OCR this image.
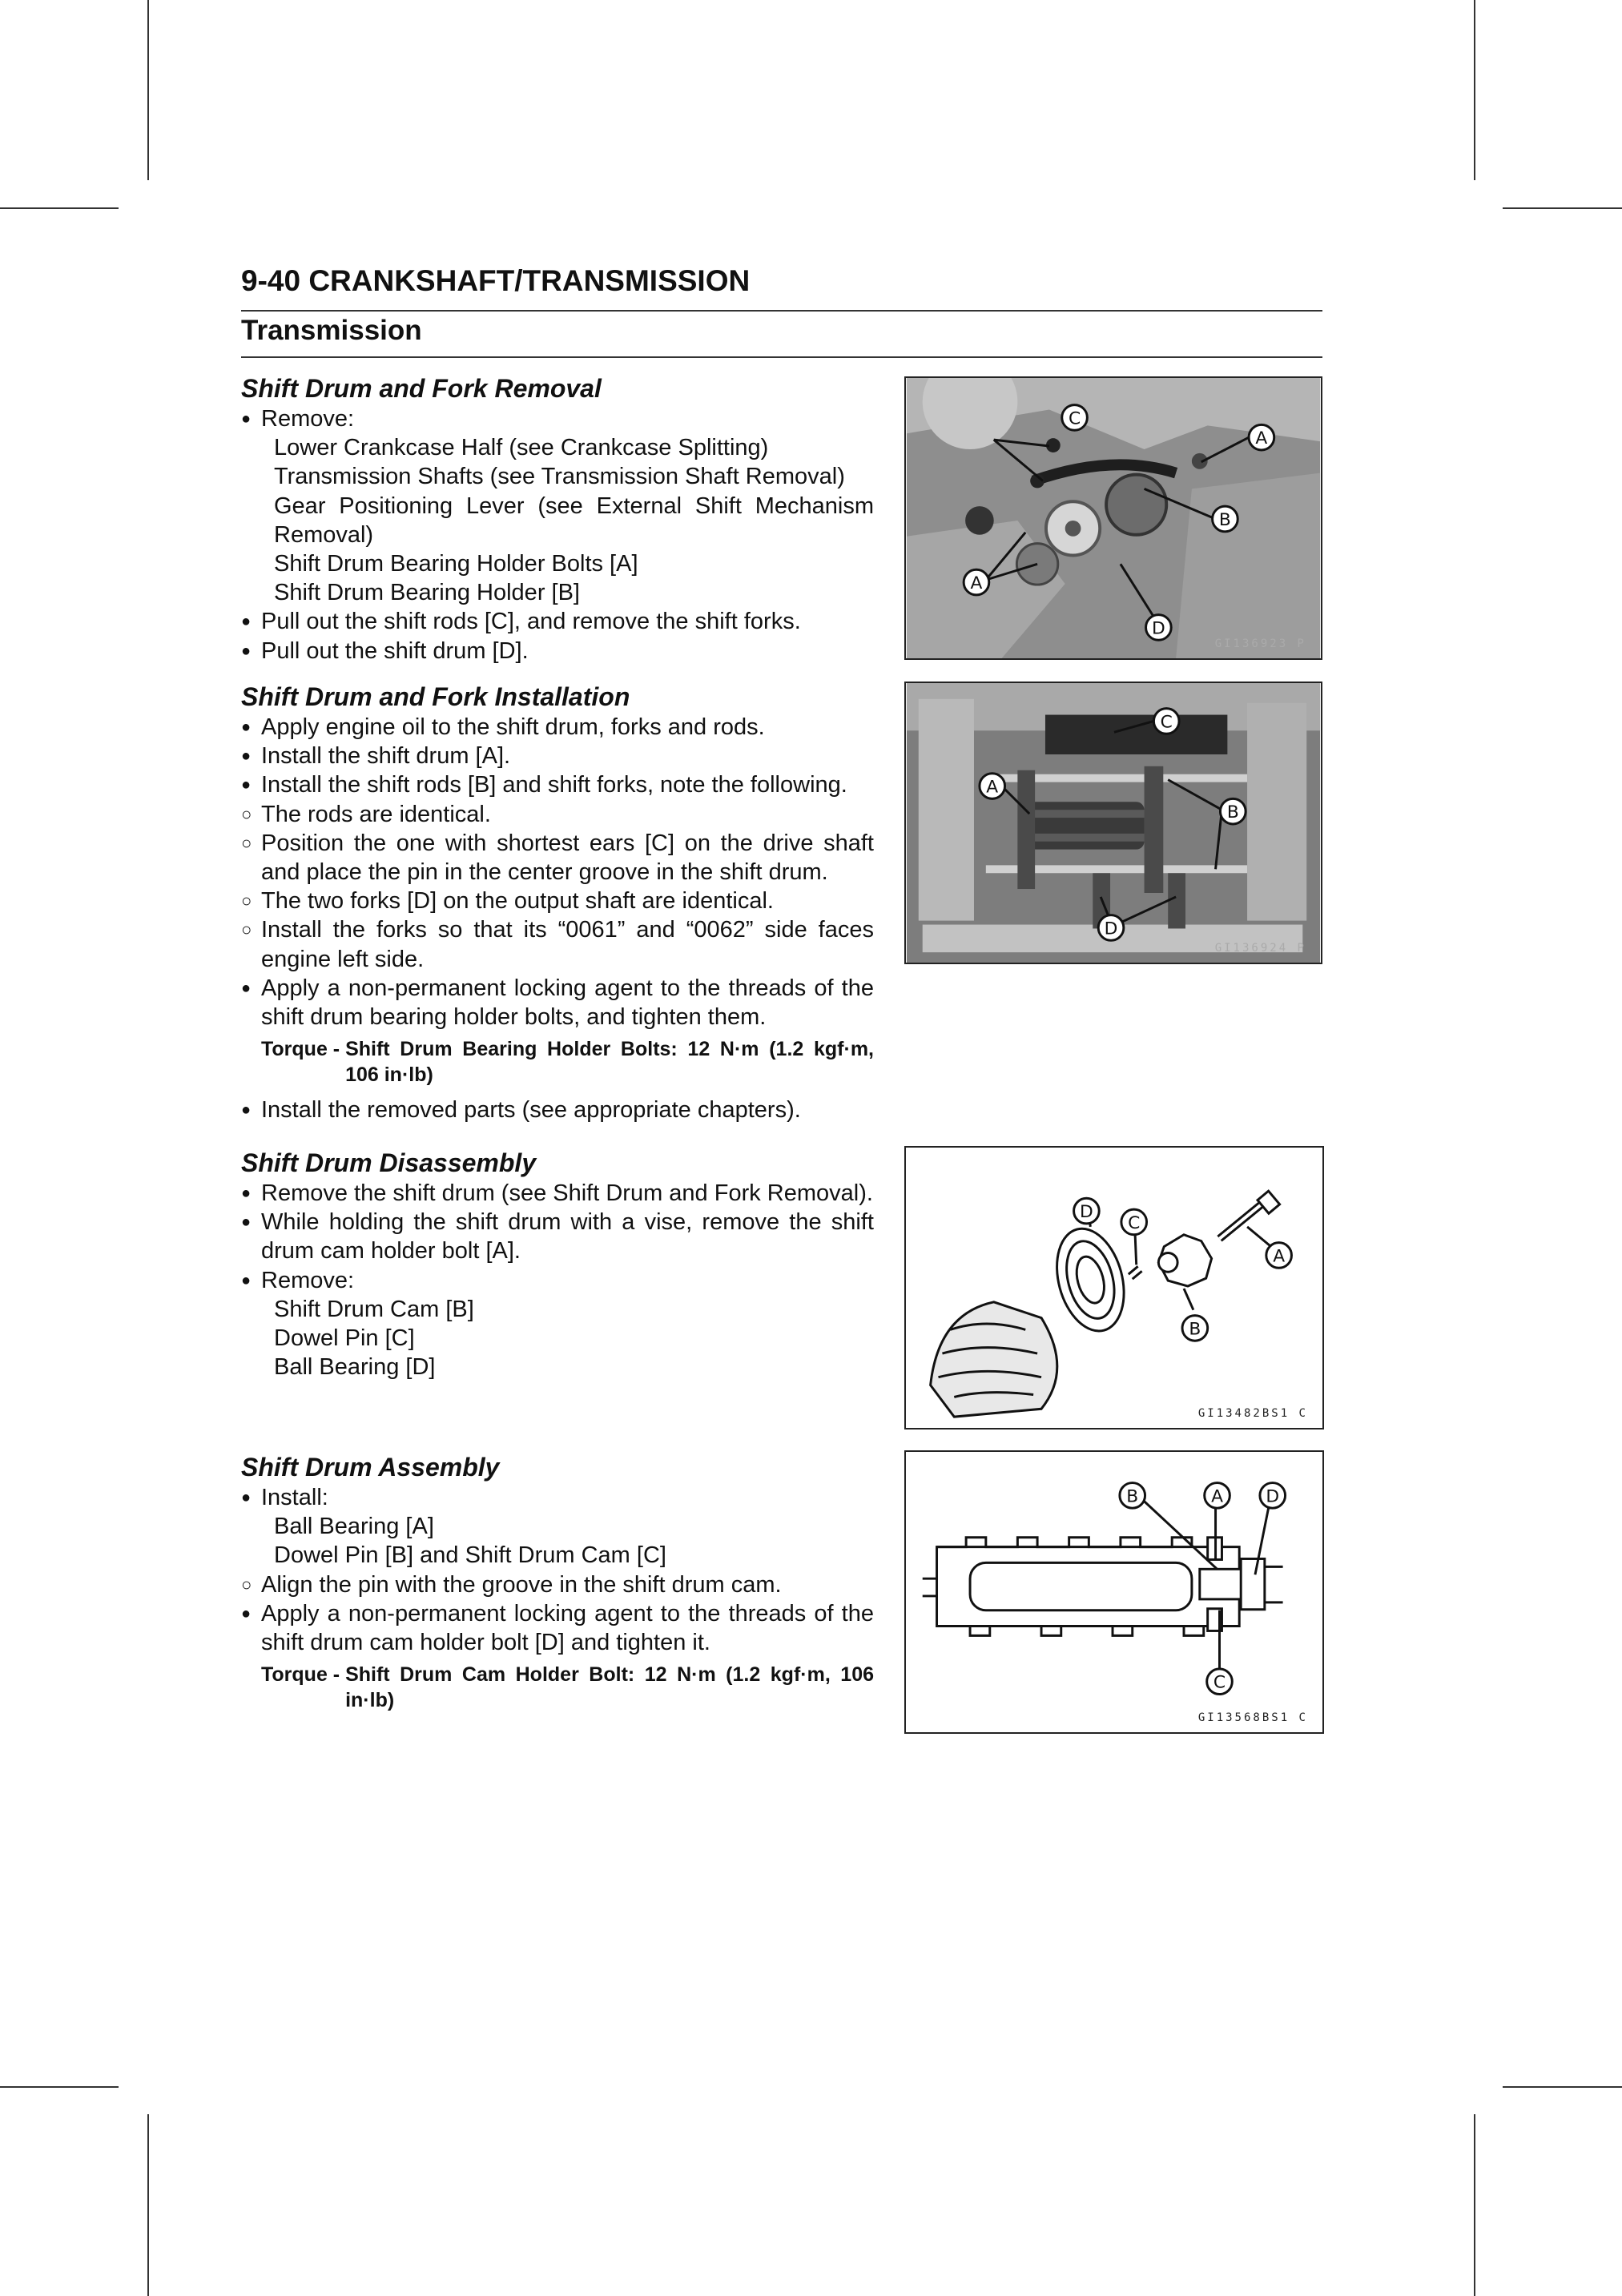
9-40 CRANKSHAFT/TRANSMISSION
Transmission
Shift Drum and Fork Removal
● Remove:
Lower Crankcase Half (see Crankcase Splitting)
Transmission Shafts (see Transmission Shaft Removal)
Gear Positioning Lever (see External Shift Mechanism Removal)
Shift Drum Bearing Holder Bolts [A]
Shift Drum Bearing Holder [B]
● Pull out the shift rods [C], and remove the shift forks.
● Pull out the shift drum [D].
Shift Drum and Fork Installation
● Apply engine oil to the shift drum, forks and rods.
● Install the shift drum [A].
● Install the shift rods [B] and shift forks, note the following.
○ The rods are identical.
○ Position the one with shortest ears [C] on the drive shaft and place the pin in the center groove in the shift drum.
○ The two forks [D] on the output shaft are identical.
○ Install the forks so that its “0061” and “0062” side faces engine left side.
● Apply a non-permanent locking agent to the threads of the shift drum bearing holder bolts, and tighten them.
Torque - Shift Drum Bearing Holder Bolts: 12 N·m (1.2 kgf·m, 106 in·lb)
● Install the removed parts (see appropriate chapters).
Shift Drum Disassembly
● Remove the shift drum (see Shift Drum and Fork Removal).
● While holding the shift drum with a vise, remove the shift drum cam holder bolt [A].
● Remove:
Shift Drum Cam [B]
Dowel Pin [C]
Ball Bearing [D]
Shift Drum Assembly
● Install:
Ball Bearing [A]
Dowel Pin [B] and Shift Drum Cam [C]
○ Align the pin with the groove in the shift drum cam.
● Apply a non-permanent locking agent to the threads of the shift drum cam holder bolt [D] and tighten it.
Torque - Shift Drum Cam Holder Bolt: 12 N·m (1.2 kgf·m, 106 in·lb)
C
A
B
A
D
GI136923 P
C
A
B
D
GI136924 P
D
C
A
B
GI13482BS1 C
B	A D
C
GI13568BS1 C
